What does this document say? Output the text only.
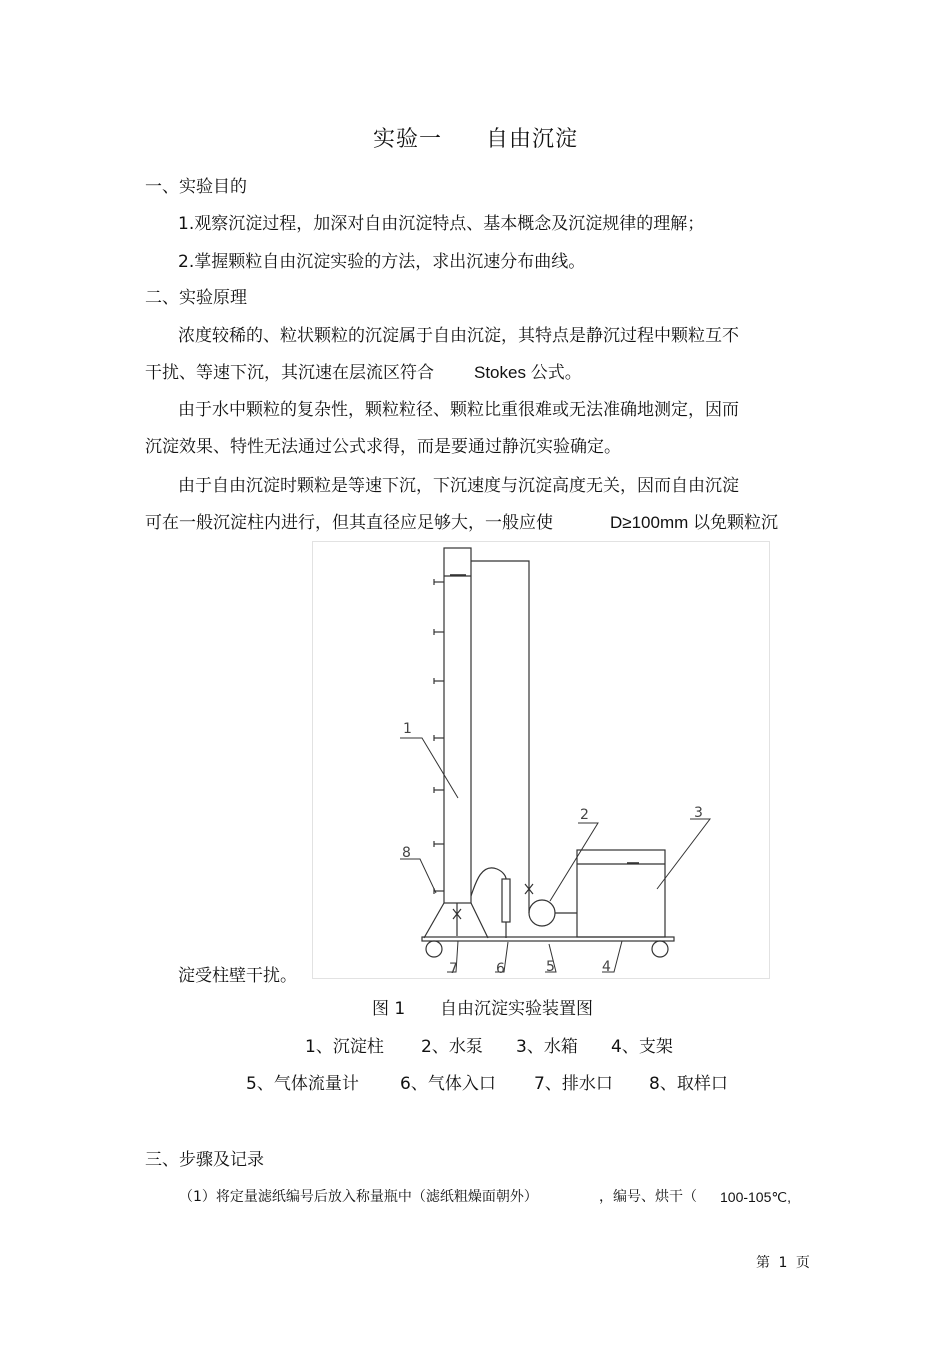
实验一 自由沉淀
一、实验目的
1.观察沉淀过程，加深对自由沉淀特点、基本概念及沉淀规律的理解；
2.掌握颗粒自由沉淀实验的方法，求出沉速分布曲线。
二、实验原理
浓度较稀的、粒状颗粒的沉淀属于自由沉淀，其特点是静沉过程中颗粒互不
干扰、等速下沉，其沉速在层流区符合 Stokes 公式。
由于水中颗粒的复杂性，颗粒粒径、颗粒比重很难或无法准确地测定，因而
沉淀效果、特性无法通过公式求得，而是要通过静沉实验确定。
由于自由沉淀时颗粒是等速下沉，下沉速度与沉淀高度无关，因而自由沉淀
可在一般沉淀柱内进行，但其直径应足够大，一般应使	D≥100mm 以免颗粒沉
淀受柱壁干扰。
1
2	3
4
5
6
7
8
图 1 自由沉淀实验装置图
1、沉淀柱 2、水泵 3、水箱 4、支架
5、气体流量计 6、气体入口 7、排水口 8、取样口
三、步骤及记录
（1）将定量滤纸编号后放入称量瓶中（滤纸粗燥面朝外）	，编号、烘干（ 100-105℃,
第 1 页
